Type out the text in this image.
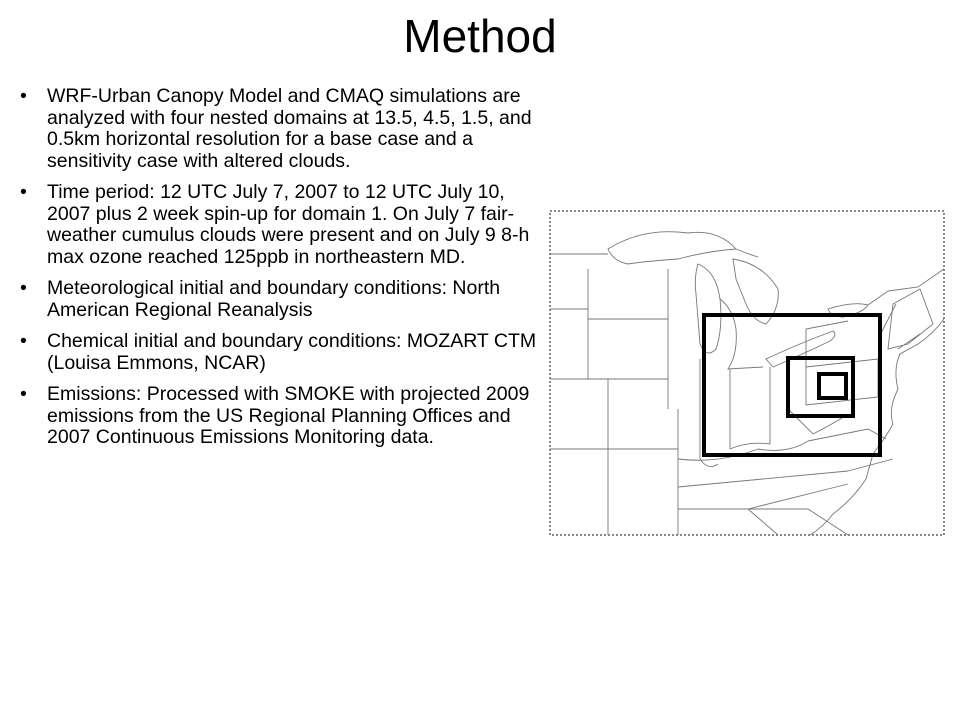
Method
• WRF-Urban Canopy Model and CMAQ simulations are analyzed with four nested domains at 13.5, 4.5, 1.5, and 0.5km horizontal resolution for a base case and a sensitivity case with altered clouds.
• Time period: 12 UTC July 7, 2007 to 12 UTC July 10, 2007 plus 2 week spin-up for domain 1. On July 7 fair-weather cumulus clouds were present and on July 9 8-h max ozone reached 125ppb in northeastern MD.
• Meteorological initial and boundary conditions: North American Regional Reanalysis
• Chemical initial and boundary conditions: MOZART CTM (Louisa Emmons, NCAR)
• Emissions: Processed with SMOKE with projected 2009 emissions from the US Regional Planning Offices and 2007 Continuous Emissions Monitoring data.
